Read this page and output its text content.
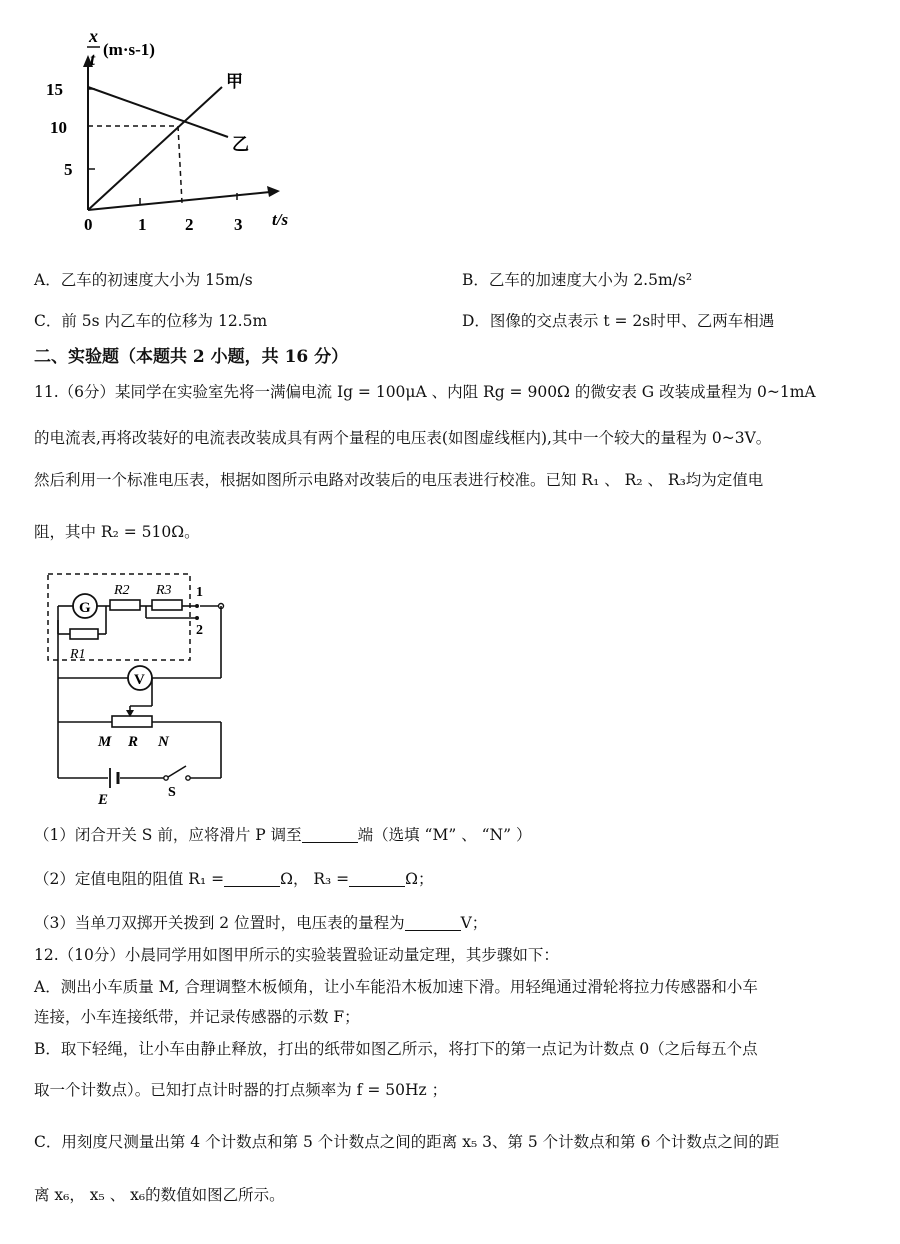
x
t (m·s-1)
15
10
5
0	1 2 3 t/s
甲
乙
A．乙车的初速度大小为 15m/s	B．乙车的加速度大小为 2.5m/s²
C．前 5s 内乙车的位移为 12.5m	D．图像的交点表示 t = 2s时甲、乙两车相遇
二、实验题（本题共 2 小题，共 16 分）
11.（6分）某同学在实验室先将一满偏电流 Ig = 100μA 、内阻 Rg = 900Ω 的微安表 G 改装成量程为 0~1mA
的电流表,再将改装好的电流表改装成具有两个量程的电压表(如图虚线框内),其中一个较大的量程为 0~3V。
然后利用一个标准电压表，根据如图所示电路对改装后的电压表进行校准。已知 R₁ 、 R₂ 、 R₃均为定值电
阻，其中 R₂ = 510Ω。
G
R2 R3 1
2
R1
V
M R N
E	S
（1）闭合开关 S 前，应将滑片 P 调至	端（选填 “M” 、 “N” ）
（2）定值电阻的阻值 R₁ =	Ω， R₃ =	Ω；
（3）当单刀双掷开关拨到 2 位置时，电压表的量程为	V；
12.（10分）小晨同学用如图甲所示的实验装置验证动量定理，其步骤如下：
A．测出小车质量 M, 合理调整木板倾角，让小车能沿木板加速下滑。用轻绳通过滑轮将拉力传感器和小车
连接，小车连接纸带，并记录传感器的示数 F；
B．取下轻绳，让小车由静止释放，打出的纸带如图乙所示，将打下的第一点记为计数点 0（之后每五个点
取一个计数点）。已知打点计时器的打点频率为 f = 50Hz ；
C．用刻度尺测量出第 4 个计数点和第 5 个计数点之间的距离 x₅ 3、第 5 个计数点和第 6 个计数点之间的距
离 x₆， x₅ 、 x₆的数值如图乙所示。
